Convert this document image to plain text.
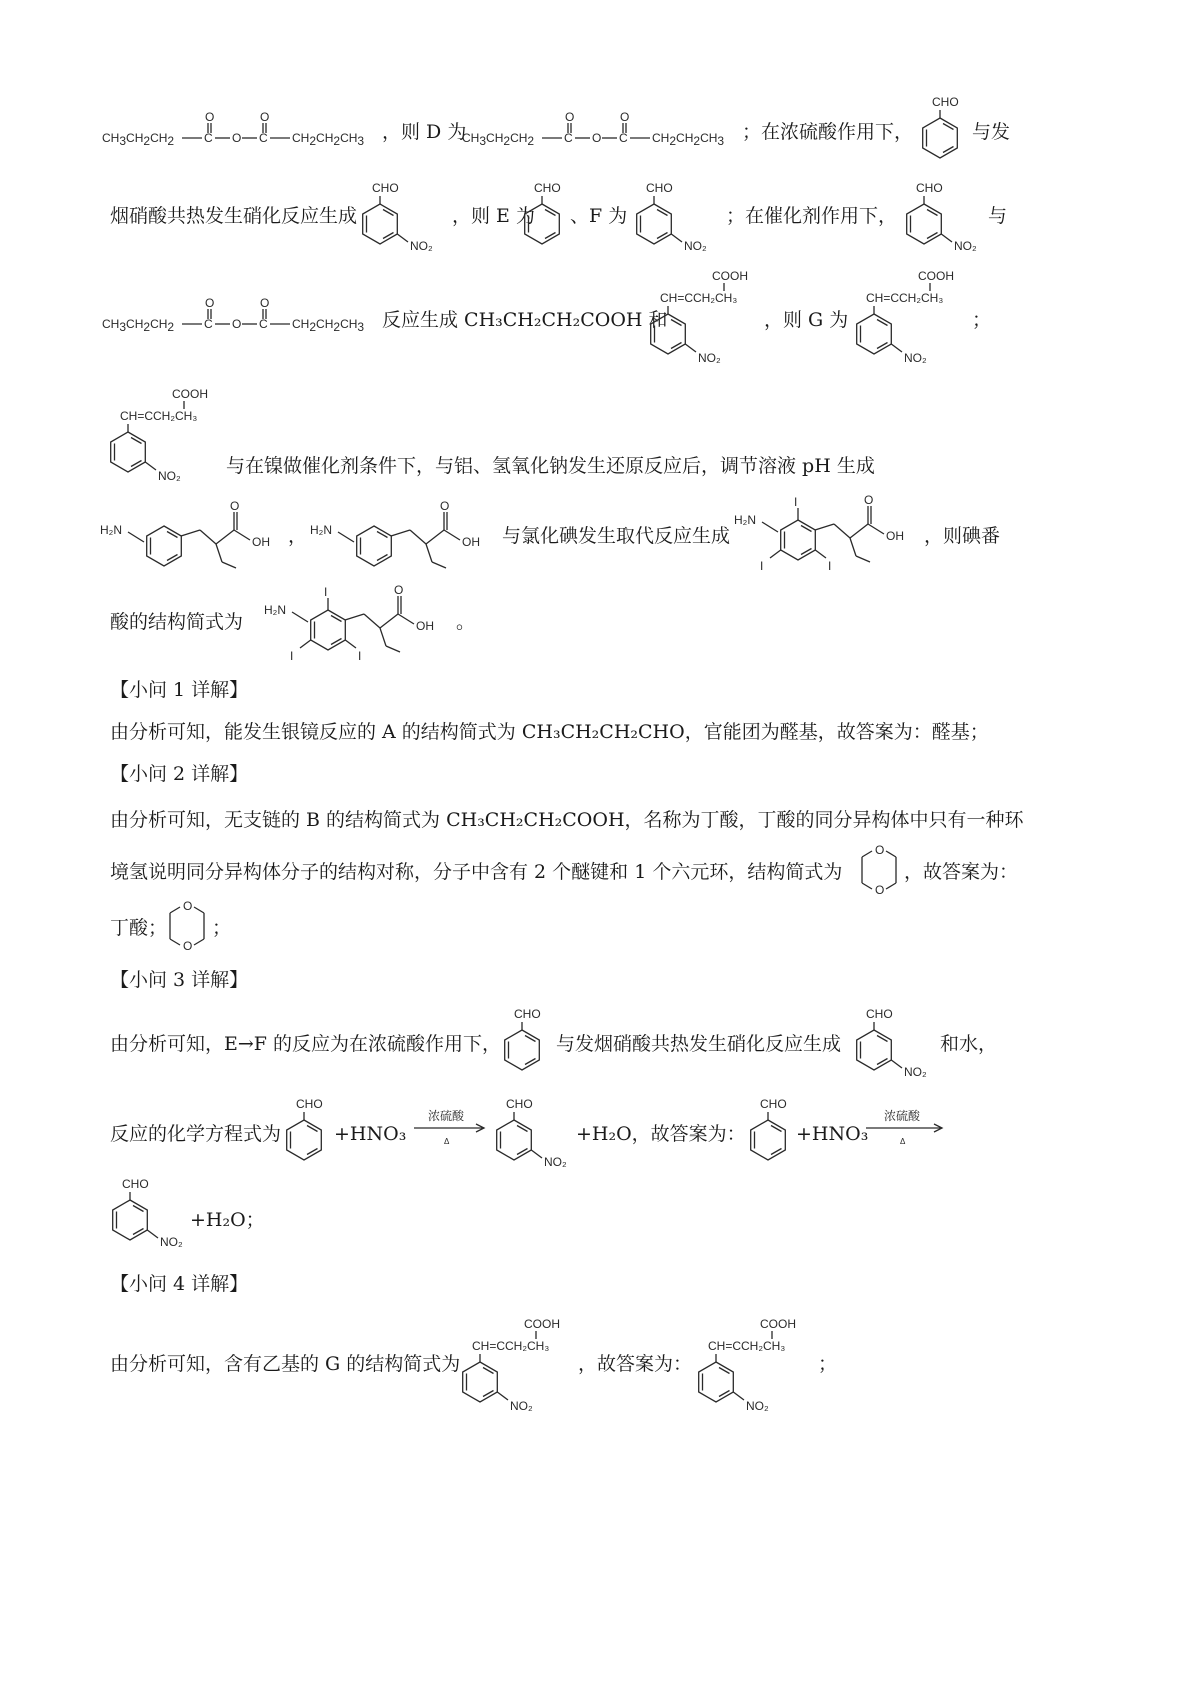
CH3CH2CH2 C
O
O C
O
CH2CH2CH3 ，则 D 为
CH3CH2CH2 C
O
O C
O
CH2CH2CH3 ；在浓硫酸作用下，
CHO
与发
烟硝酸共热发生硝化反应生成
CHO
NO₂
，则 E 为
CHO
、F 为
CHO
NO₂
；在催化剂作用下，
CHO
NO₂
与
CH3CH2CH2 C
O
O C
O
CH2CH2CH3 反应生成 CH₃CH₂CH₂COOH 和
COOH
CH=CCH₂CH₃
NO₂
，则 G 为
COOH
CH=CCH₂CH₃
NO₂
；
COOH
CH=CCH₂CH₃
NO₂ 与在镍做催化剂条件下，与铝、氢氧化钠发生还原反应后，调节溶液 pH 生成
H₂N
O
OH ， H₂N
O
OH 与氯化碘发生取代反应生成
H₂N
I
I	I
O
OH ，则碘番
酸的结构简式为
H₂N
I
I	I
O
OH 。
【小问 1 详解】
由分析可知，能发生银镜反应的 A 的结构简式为 CH₃CH₂CH₂CHO，官能团为醛基，故答案为：醛基；
【小问 2 详解】
由分析可知，无支链的 B 的结构简式为 CH₃CH₂CH₂COOH，名称为丁酸，丁酸的同分异构体中只有一种环
境氢说明同分异构体分子的结构对称，分子中含有 2 个醚键和 1 个六元环，结构简式为
O
O
，故答案为：
丁酸；
O
O
；
【小问 3 详解】
由分析可知，E→F 的反应为在浓硫酸作用下，
CHO
与发烟硝酸共热发生硝化反应生成
CHO
NO₂
和水，
反应的化学方程式为
CHO
+HNO₃
浓硫酸
Δ
CHO
NO₂
+H₂O，故答案为：
CHO
+HNO₃
浓硫酸
Δ
CHO
NO₂
+H₂O；
【小问 4 详解】
由分析可知，含有乙基的 G 的结构简式为
COOH
CH=CCH₂CH₃
NO₂
，故答案为：
COOH
CH=CCH₂CH₃
NO₂
；
